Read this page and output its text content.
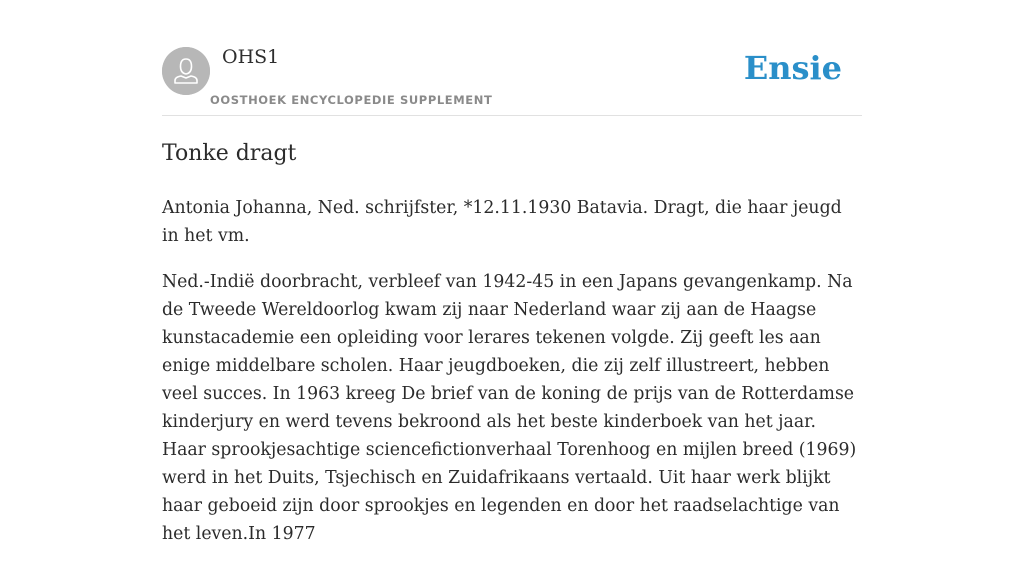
OHS1
OOSTHOEK ENCYCLOPEDIE SUPPLEMENT
Ensie
Tonke dragt

Antonia Johanna, Ned. schrijfster, *12.11.1930 Batavia. Dragt, die haar jeugd in het vm.

Ned.-Indië doorbracht, verbleef van 1942-45 in een Japans gevangenkamp. Na de Tweede Wereldoorlog kwam zij naar Nederland waar zij aan de Haagse kunstacademie een opleiding voor lerares tekenen volgde. Zij geeft les aan enige middelbare scholen. Haar jeugdboeken, die zij zelf illustreert, hebben veel succes. In 1963 kreeg De brief van de koning de prijs van de Rotterdamse kinderjury en werd tevens bekroond als het beste kinderboek van het jaar. Haar sprookjesachtige sciencefictionverhaal Torenhoog en mijlen breed (1969) werd in het Duits, Tsjechisch en Zuidafrikaans vertaald. Uit haar werk blijkt haar geboeid zijn door sprookjes en legenden en door het raadselachtige van het leven.In 1977
